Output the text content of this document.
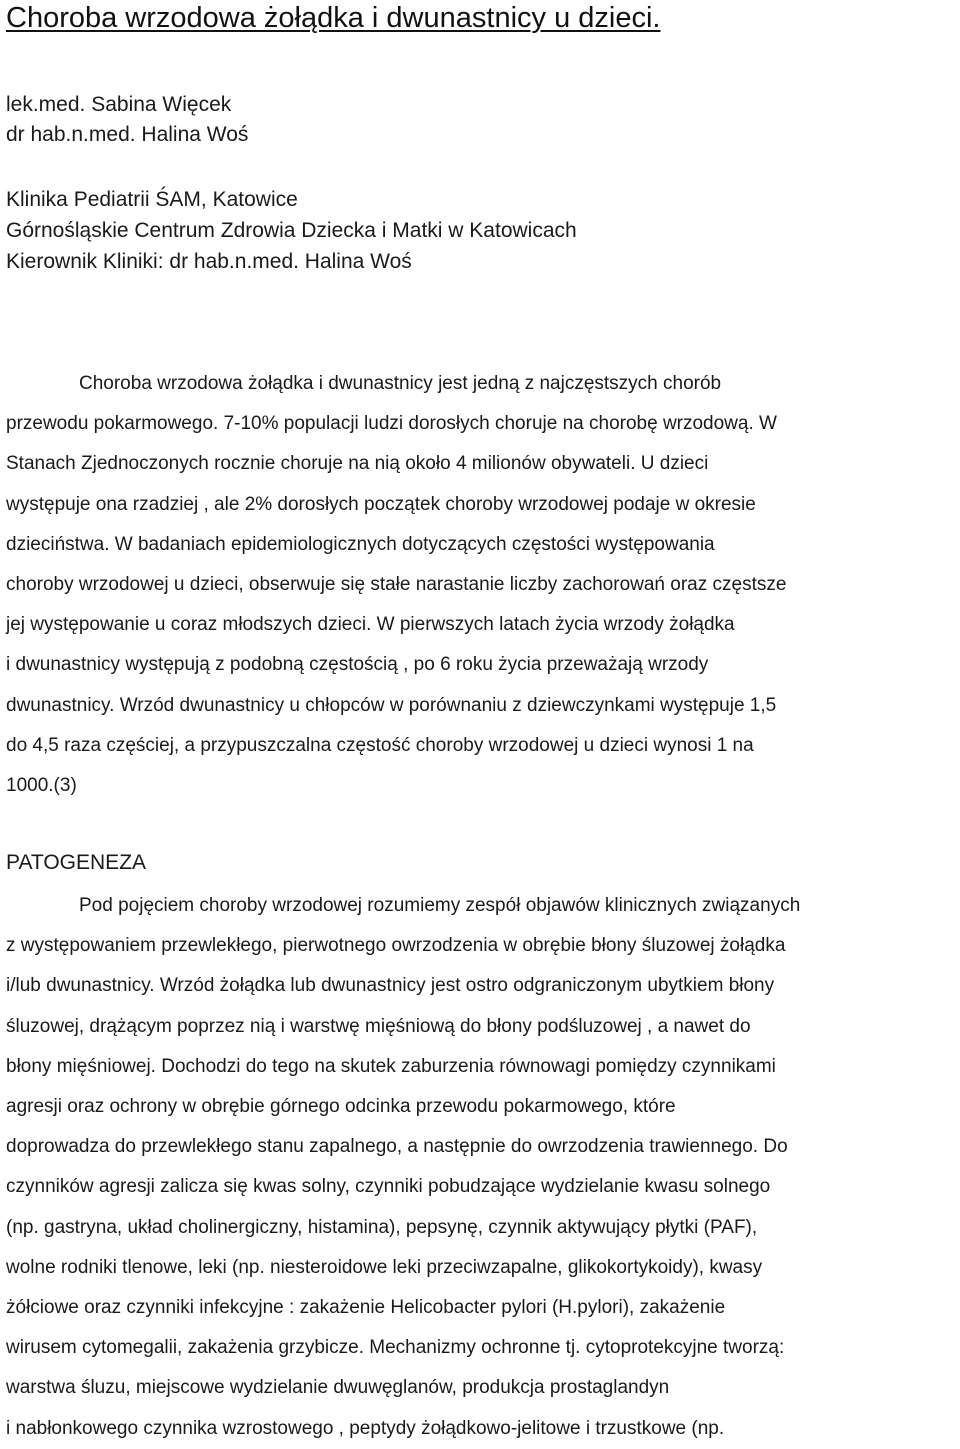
Choroba wrzodowa żołądka i dwunastnicy u dzieci.
lek.med. Sabina Więcek
dr hab.n.med. Halina Woś
Klinika Pediatrii ŚAM, Katowice
Górnośląskie Centrum Zdrowia Dziecka i Matki w Katowicach
Kierownik Kliniki: dr hab.n.med. Halina Woś
Choroba wrzodowa żołądka i dwunastnicy jest jedną z najczęstszych chorób
przewodu pokarmowego. 7-10% populacji ludzi dorosłych choruje na chorobę wrzodową. W
Stanach Zjednoczonych rocznie choruje na nią około 4 milionów obywateli. U dzieci
występuje ona rzadziej , ale 2% dorosłych początek choroby wrzodowej podaje w okresie
dzieciństwa. W badaniach epidemiologicznych dotyczących częstości występowania
choroby wrzodowej u dzieci, obserwuje się stałe narastanie liczby zachorowań oraz częstsze
jej występowanie u coraz młodszych dzieci. W pierwszych latach życia wrzody żołądka
i dwunastnicy występują z podobną częstością , po 6 roku życia przeważają wrzody
dwunastnicy. Wrzód dwunastnicy u chłopców w porównaniu z dziewczynkami występuje 1,5
do 4,5 raza częściej, a przypuszczalna częstość choroby wrzodowej u dzieci wynosi 1 na
1000.(3)
PATOGENEZA
Pod pojęciem choroby wrzodowej rozumiemy zespół objawów klinicznych związanych
z występowaniem przewlekłego, pierwotnego owrzodzenia w obrębie błony śluzowej żołądka
i/lub dwunastnicy. Wrzód żołądka lub dwunastnicy jest ostro odgraniczonym ubytkiem błony
śluzowej, drążącym poprzez nią i warstwę mięśniową do błony podśluzowej , a nawet do
błony mięśniowej. Dochodzi do tego na skutek zaburzenia równowagi pomiędzy czynnikami
agresji oraz ochrony w obrębie górnego odcinka przewodu pokarmowego, które
doprowadza do przewlekłego stanu zapalnego, a następnie do owrzodzenia trawiennego. Do
czynników agresji zalicza się kwas solny, czynniki pobudzające wydzielanie kwasu solnego
(np. gastryna, układ cholinergiczny, histamina), pepsynę, czynnik aktywujący płytki (PAF),
wolne rodniki tlenowe, leki (np. niesteroidowe leki przeciwzapalne, glikokortykoidy), kwasy
żółciowe oraz czynniki infekcyjne : zakażenie Helicobacter pylori (H.pylori), zakażenie
wirusem cytomegalii, zakażenia grzybicze. Mechanizmy ochronne tj. cytoprotekcyjne tworzą:
warstwa śluzu, miejscowe wydzielanie dwuwęglanów, produkcja prostaglandyn
i nabłonkowego czynnika wzrostowego , peptydy żołądkowo-jelitowe i trzustkowe (np.
